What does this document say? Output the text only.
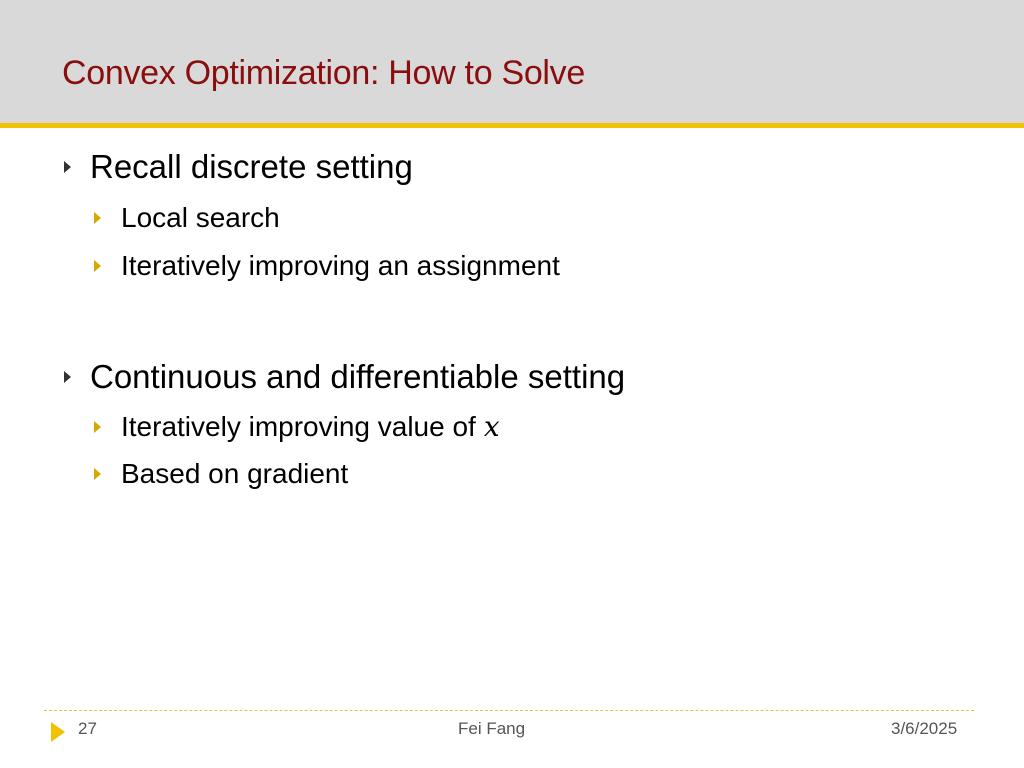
Convex Optimization: How to Solve
Recall discrete setting
Local search
Iteratively improving an assignment
Continuous and differentiable setting
Iteratively improving value of x
Based on gradient
27	Fei Fang	3/6/2025
